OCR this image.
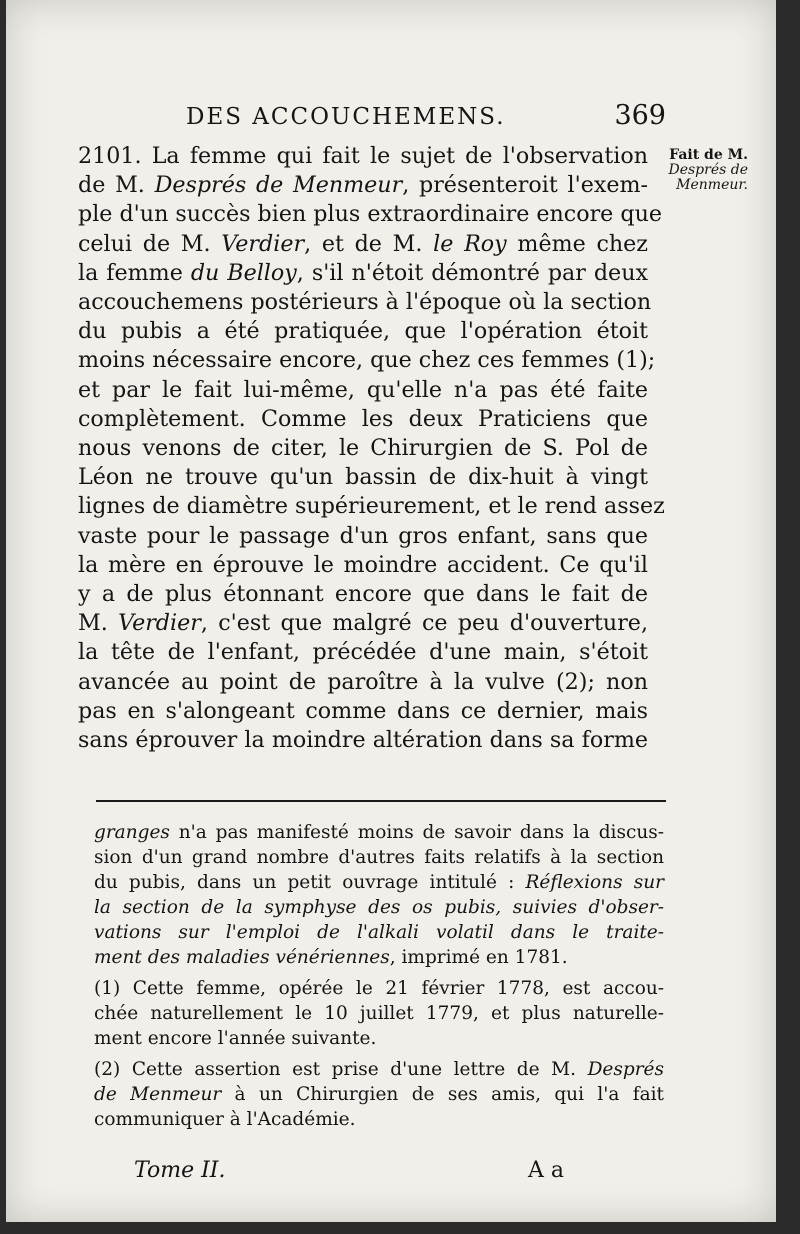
DES ACCOUCHEMENS.	369
Fait de M.
Després de
Menmeur.
2101. La femme qui fait le sujet de l'observation
de M. Després de Menmeur, présenteroit l'exem-
ple d'un succès bien plus extraordinaire encore que
celui de M. Verdier, et de M. le Roy même chez
la femme du Belloy, s'il n'étoit démontré par deux
accouchemens postérieurs à l'époque où la section
du pubis a été pratiquée, que l'opération étoit
moins nécessaire encore, que chez ces femmes (1);
et par le fait lui-même, qu'elle n'a pas été faite
complètement. Comme les deux Praticiens que
nous venons de citer, le Chirurgien de S. Pol de
Léon ne trouve qu'un bassin de dix-huit à vingt
lignes de diamètre supérieurement, et le rend assez
vaste pour le passage d'un gros enfant, sans que
la mère en éprouve le moindre accident. Ce qu'il
y a de plus étonnant encore que dans le fait de
M. Verdier, c'est que malgré ce peu d'ouverture,
la tête de l'enfant, précédée d'une main, s'étoit
avancée au point de paroître à la vulve (2); non
pas en s'alongeant comme dans ce dernier, mais
sans éprouver la moindre altération dans sa forme
granges n'a pas manifesté moins de savoir dans la discus-
sion d'un grand nombre d'autres faits relatifs à la section
du pubis, dans un petit ouvrage intitulé : Réflexions sur
la section de la symphyse des os pubis, suivies d'obser-
vations sur l'emploi de l'alkali volatil dans le traite-
ment des maladies vénériennes, imprimé en 1781.
(1) Cette femme, opérée le 21 février 1778, est accou-
chée naturellement le 10 juillet 1779, et plus naturelle-
ment encore l'année suivante.
(2) Cette assertion est prise d'une lettre de M. Després
de Menmeur à un Chirurgien de ses amis, qui l'a fait
communiquer à l'Académie.
Tome II.	A a
